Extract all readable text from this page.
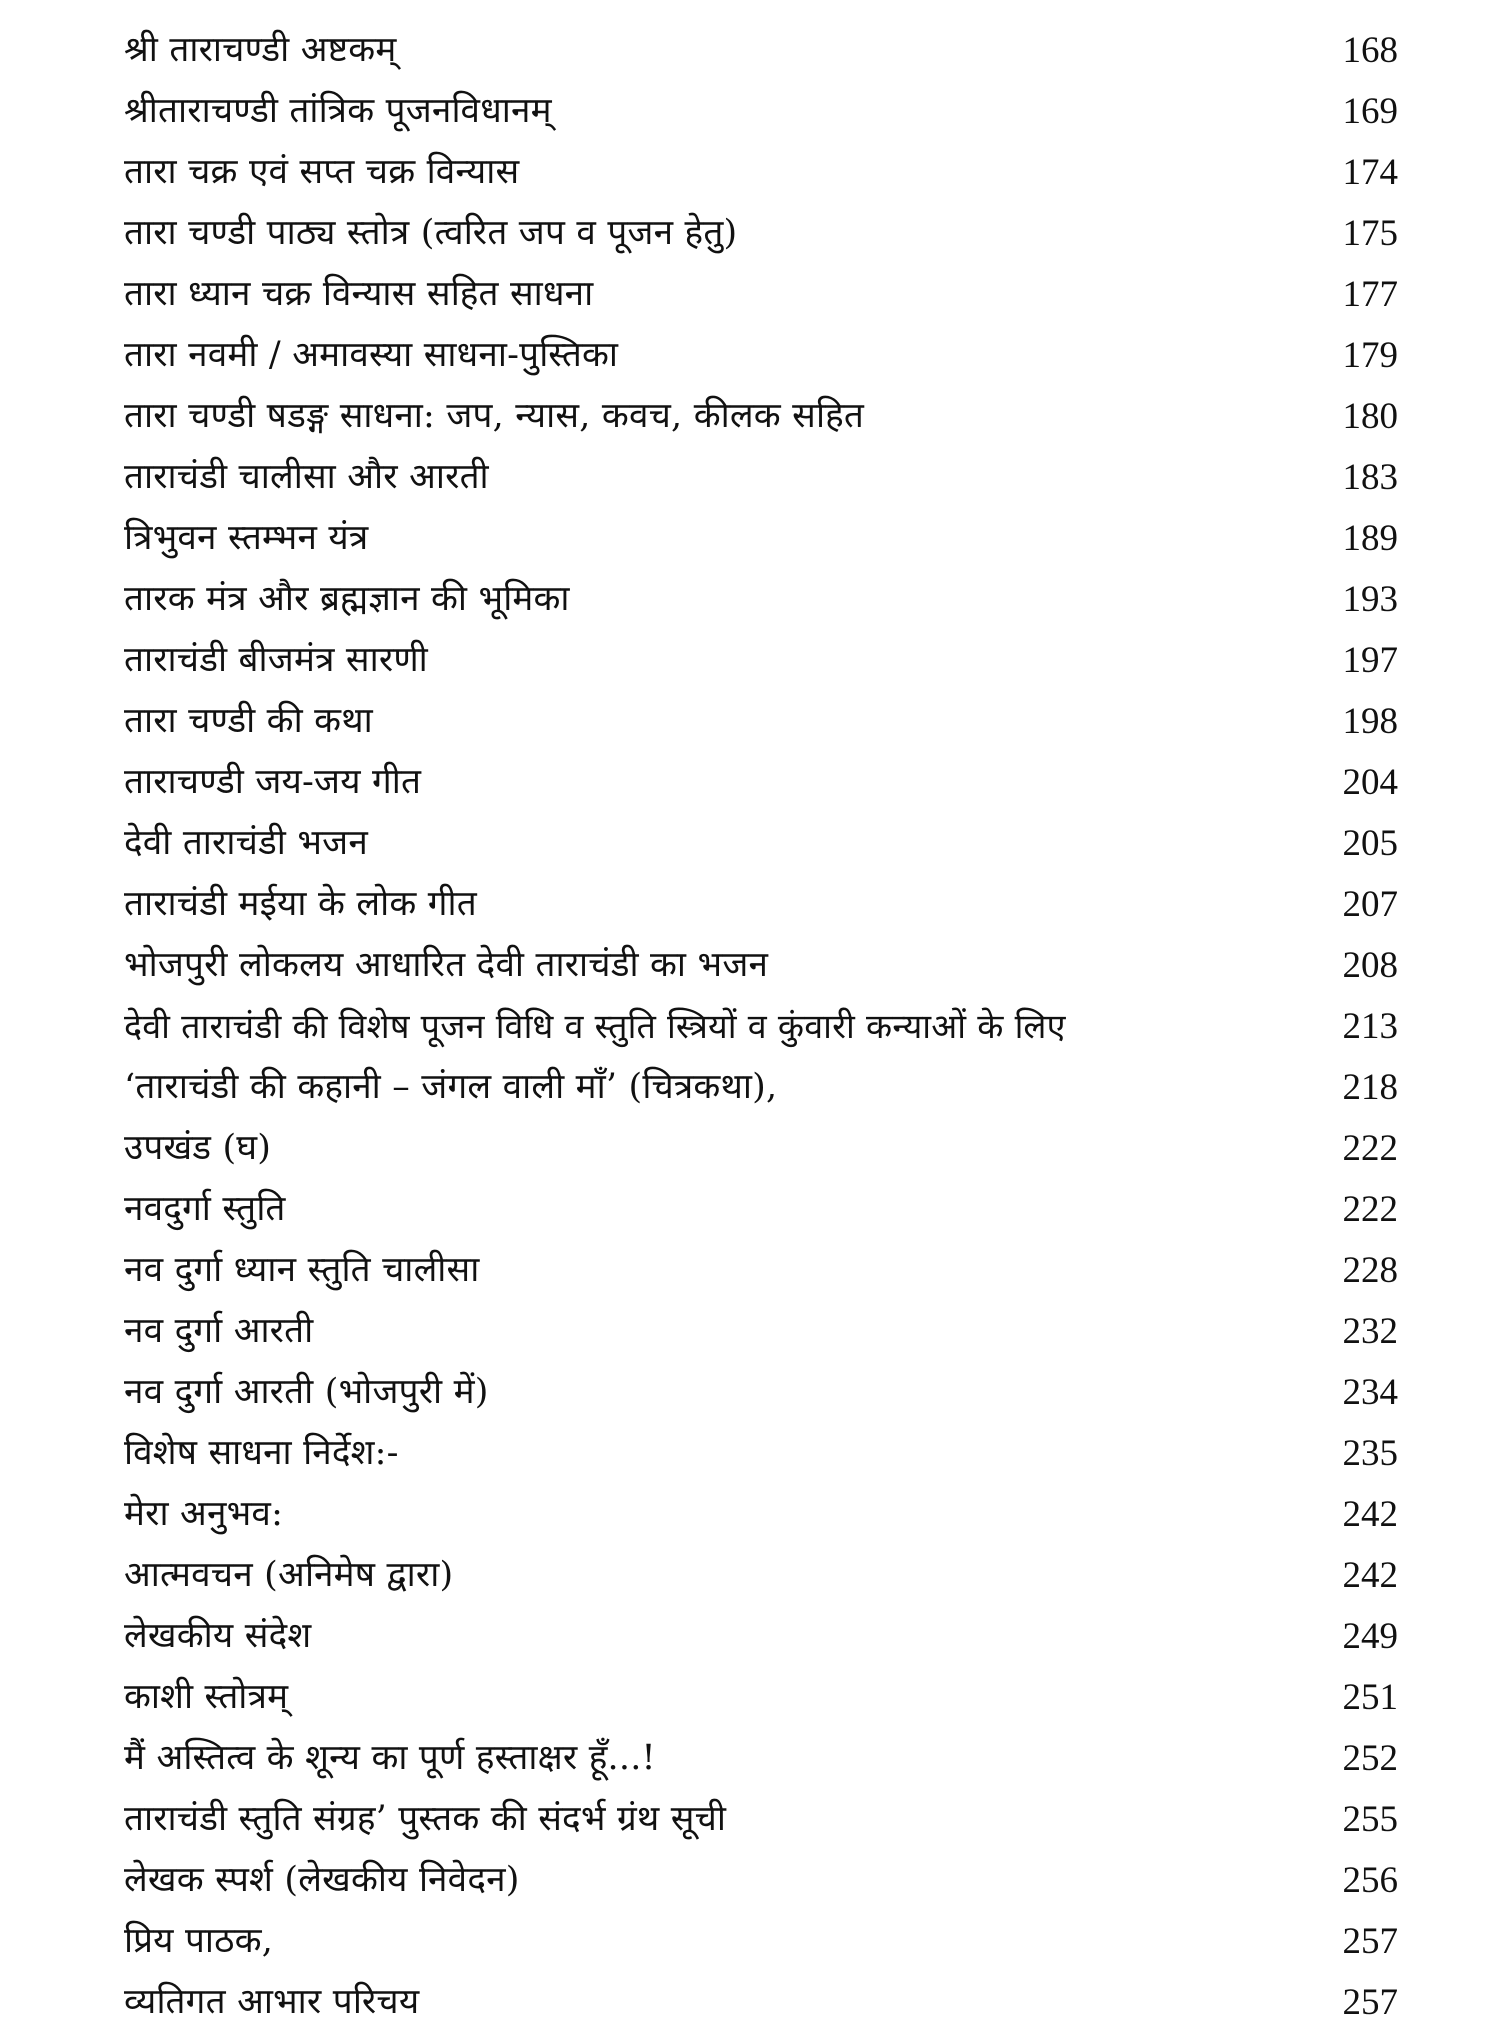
श्री ताराचण्डी अष्टकम्	168
श्रीताराचण्डी तांत्रिक पूजनविधानम्	169
तारा चक्र एवं सप्त चक्र विन्यास	174
तारा चण्डी पाठ्य स्तोत्र (त्वरित जप व पूजन हेतु)	175
तारा ध्यान चक्र विन्यास सहित साधना	177
तारा नवमी / अमावस्या साधना-पुस्तिका	179
तारा चण्डी षडङ्ग साधना: जप, न्यास, कवच, कीलक सहित	180
ताराचंडी चालीसा और आरती	183
त्रिभुवन स्तम्भन यंत्र	189
तारक मंत्र और ब्रह्मज्ञान की भूमिका	193
ताराचंडी बीजमंत्र सारणी	197
तारा चण्डी की कथा	198
ताराचण्डी जय-जय गीत	204
देवी ताराचंडी भजन	205
ताराचंडी मईया के लोक गीत	207
भोजपुरी लोकलय आधारित देवी ताराचंडी का भजन	208
देवी ताराचंडी की विशेष पूजन विधि व स्तुति स्त्रियों व कुंवारी कन्याओं के लिए	213
‘ताराचंडी की कहानी – जंगल वाली माँ’ (चित्रकथा),	218
उपखंड (घ)	222
नवदुर्गा स्तुति	222
नव दुर्गा ध्यान स्तुति चालीसा	228
नव दुर्गा आरती	232
नव दुर्गा आरती (भोजपुरी में)	234
विशेष साधना निर्देश:-	235
मेरा अनुभव:	242
आत्मवचन (अनिमेष द्वारा)	242
लेखकीय संदेश	249
काशी स्तोत्रम्	251
मैं अस्तित्व के शून्य का पूर्ण हस्ताक्षर हूँ...!	252
ताराचंडी स्तुति संग्रह’ पुस्तक की संदर्भ ग्रंथ सूची	255
लेखक स्पर्श (लेखकीय निवेदन)	256
प्रिय पाठक,	257
व्यतिगत आभार परिचय	257
